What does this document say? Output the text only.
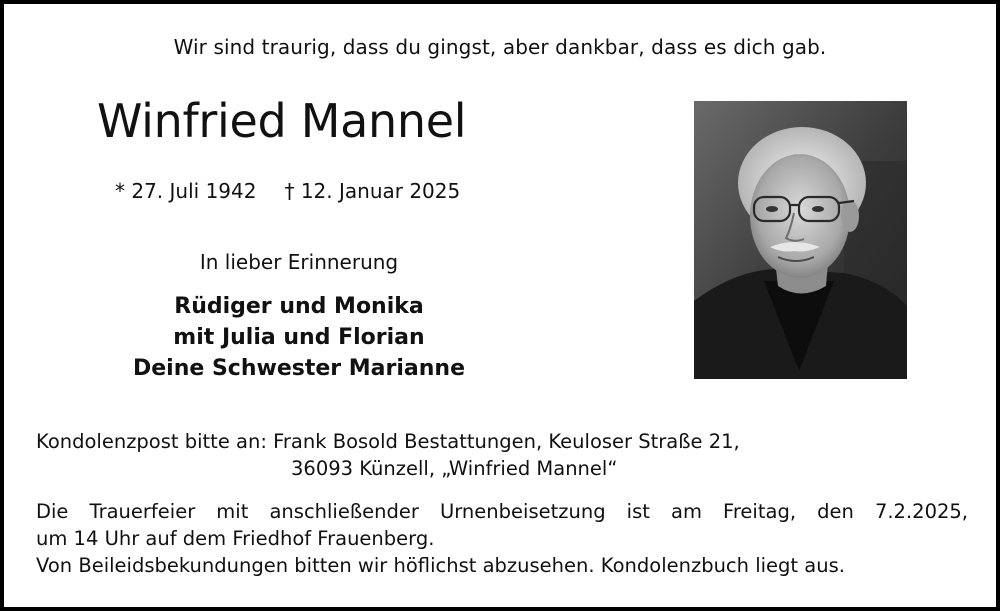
Wir sind traurig, dass du gingst, aber dankbar, dass es dich gab.
Winfried Mannel
* 27. Juli 1942 † 12. Januar 2025
In lieber Erinnerung
Rüdiger und Monika
mit Julia und Florian
Deine Schwester Marianne
Kondolenzpost bitte an: Frank Bosold Bestattungen, Keuloser Straße 21,
36093 Künzell, „Winfried Mannel“
Die Trauerfeier mit anschließender Urnenbeisetzung ist am Freitag, den 7.2.2025,
um 14 Uhr auf dem Friedhof Frauenberg.
Von Beileidsbekundungen bitten wir höflichst abzusehen. Kondolenzbuch liegt aus.
